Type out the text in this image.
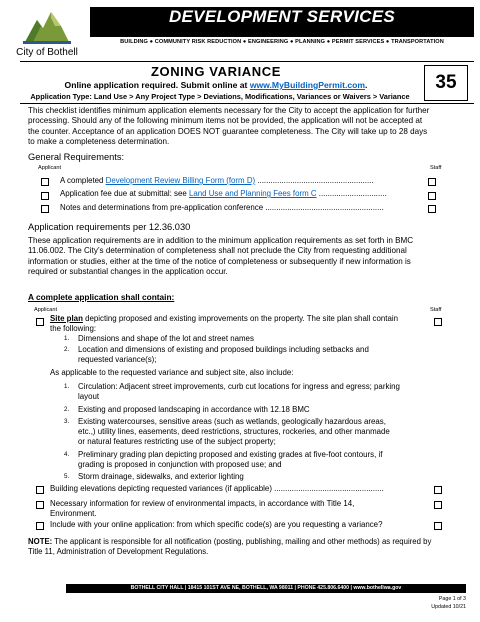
City of Bothell
DEVELOPMENT SERVICES
BUILDING ● COMMUNITY RISK REDUCTION ● ENGINEERING ● PLANNING ● PERMIT SERVICES ● TRANSPORTATION
ZONING VARIANCE
Online application required. Submit online at www.MyBuildingPermit.com.
Application Type: Land Use > Any Project Type > Deviations, Modifications, Variances or Waivers > Variance
35
This checklist identifies minimum application elements necessary for the City to accept the application for further
processing. Should any of the following minimum items not be provided, the application will not be accepted at
the counter. Acceptance of an application DOES NOT guarantee completeness. The City will take up to 28 days
to make a completeness determination.
General Requirements:
Applicant	Staff
A completed Development Review Billing Form (form D) .....................................................
Application fee due at submittal: see Land Use and Planning Fees form C ...............................
Notes and determinations from pre-application conference ......................................................
Application requirements per 12.36.030
These application requirements are in addition to the minimum application requirements as set forth in BMC
11.06.002. The City’s determination of completeness shall not preclude the City from requesting additional
information or studies, either at the time of the notice of completeness or subsequently if new information is
required or substantial changes in the application occur.
A complete application shall contain:
Applicant	Staff
Site plan depicting proposed and existing improvements on the property. The site plan shall contain
the following:
1.	Dimensions and shape of the lot and street names
2.	Location and dimensions of existing and proposed buildings including setbacks and
requested variance(s);
As applicable to the requested variance and subject site, also include:
1.	Circulation: Adjacent street improvements, curb cut locations for ingress and egress; parking
layout
2.	Existing and proposed landscaping in accordance with 12.18 BMC
3.	Existing watercourses, sensitive areas (such as wetlands, geologically hazardous areas,
etc.,) utility lines, easements, deed restrictions, structures, rockeries, and other manmade
or natural features restricting use of the subject property;
4.	Preliminary grading plan depicting proposed and existing grades at five-foot contours, if
grading is proposed in conjunction with proposed use; and
5.	Storm drainage, sidewalks, and exterior lighting
Building elevations depicting requested variances (if applicable) ..................................................
Necessary information for review of environmental impacts, in accordance with Title 14,
Environment.
Include with your online application: from which specific code(s) are you requesting a variance?
NOTE: The applicant is responsible for all notification (posting, publishing, mailing and other methods) as required by
Title 11, Administration of Development Regulations.
BOTHELL CITY HALL | 18415 101ST AVE NE, BOTHELL, WA 98011 | PHONE 425.806.6400 | www.bothellwa.gov
Page 1 of 3
Updated 10/21
